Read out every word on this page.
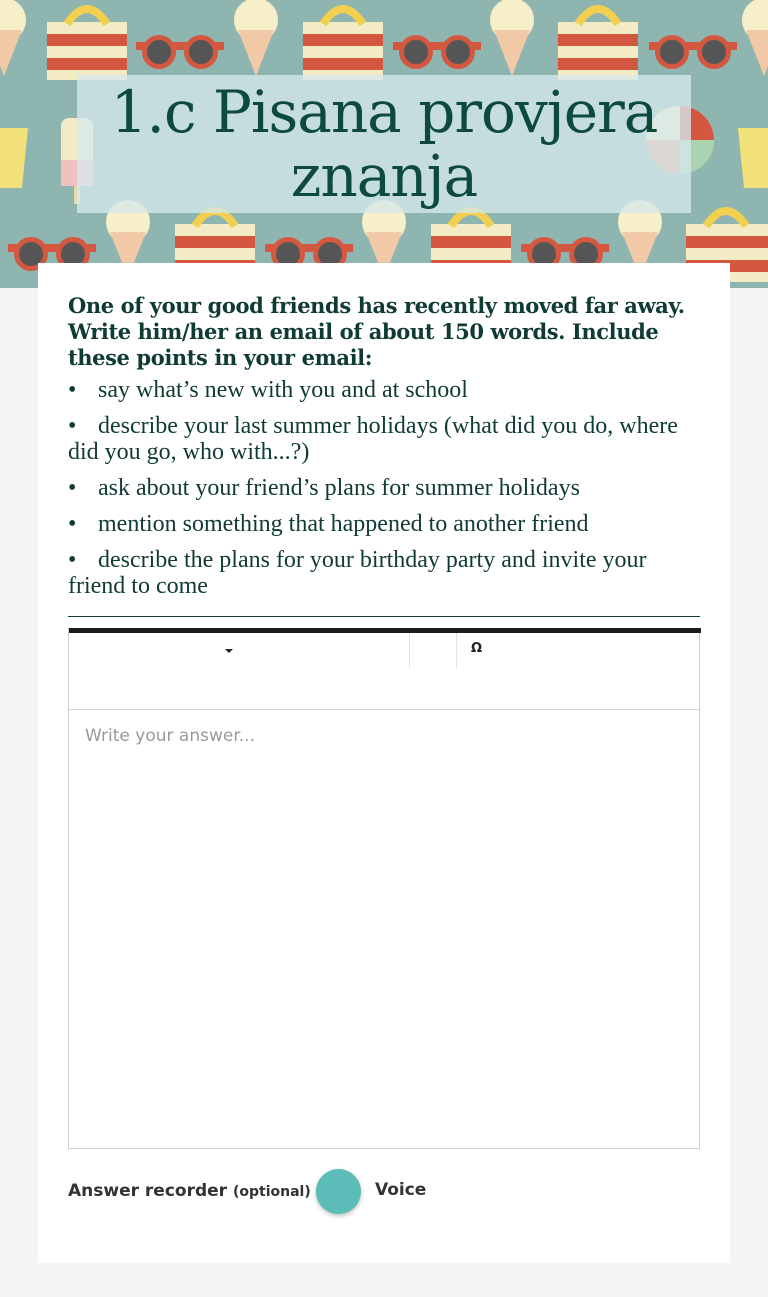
1.c Pisana provjera znanja

One of your good friends has recently moved far away. Write him/her an email of about 150 words. Include these points in your email:

• say what’s new with you and at school
• describe your last summer holidays (what did you do, where did you go, who with...?)
• ask about your friend’s plans for summer holidays
• mention something that happened to another friend
• describe the plans for your birthday party and invite your friend to come
Ω
Write your answer...
Answer recorder (optional)	Voice
